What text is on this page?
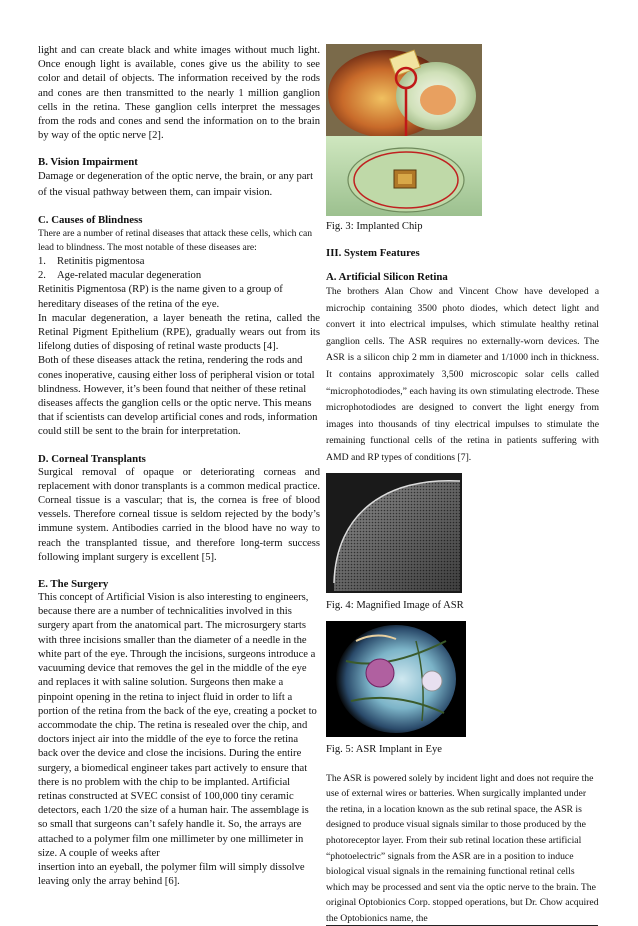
light and can create black and white images without much light. Once enough light is available, cones give us the ability to see color and detail of objects. The information received by the rods and cones are then transmitted to the nearly 1 million ganglion cells in the retina. These ganglion cells interpret the messages from the rods and cones and send the information on to the brain by way of the optic nerve [2].

B. Vision Impairment

Damage or degeneration of the optic nerve, the brain, or any part of the visual pathway between them, can impair vision.

C. Causes of Blindness

There are a number of retinal diseases that attack these cells, which can lead to blindness. The most notable of these diseases are:

1.	Retinitis pigmentosa
2.	Age-related macular degeneration

Retinitis Pigmentosa (RP) is the name given to a group of hereditary diseases of the retina of the eye.

In macular degeneration, a layer beneath the retina, called the Retinal Pigment Epithelium (RPE), gradually wears out from its lifelong duties of disposing of retinal waste products [4].

Both of these diseases attack the retina, rendering the rods and cones inoperative, causing either loss of peripheral vision or total blindness. However, it’s been found that neither of these retinal diseases affects the ganglion cells or the optic nerve. This means that if scientists can develop artificial cones and rods, information could still be sent to the brain for interpretation.

D. Corneal Transplants

Surgical removal of opaque or deteriorating corneas and replacement with donor transplants is a common medical practice. Corneal tissue is a vascular; that is, the cornea is free of blood vessels. Therefore corneal tissue is seldom rejected by the body’s immune system. Antibodies carried in the blood have no way to reach the transplanted tissue, and therefore long-term success following implant surgery is excellent [5].

E. The Surgery

This concept of Artificial Vision is also interesting to engineers, because there are a number of technicalities involved in this surgery apart from the anatomical part. The microsurgery starts with three incisions smaller than the diameter of a needle in the white part of the eye. Through the incisions, surgeons introduce a vacuuming device that removes the gel in the middle of the eye and replaces it with saline solution. Surgeons then make a pinpoint opening in the retina to inject fluid in order to lift a portion of the retina from the back of the eye, creating a pocket to accommodate the chip. The retina is resealed over the chip, and doctors inject air into the middle of the eye to force the retina back over the device and close the incisions. During the entire surgery, a biomedical engineer takes part actively to ensure that there is no problem with the chip to be implanted. Artificial retinas constructed at SVEC consist of 100,000 tiny ceramic detectors, each 1/20 the size of a human hair. The assemblage is so small that surgeons can’t safely handle it. So, the arrays are attached to a polymer film one millimeter by one millimeter in size. A couple of weeks after

insertion into an eyeball, the polymer film will simply dissolve leaving only the array behind [6].

Fig. 3: Implanted Chip

III. System Features
A. Artificial Silicon Retina

The brothers Alan Chow and Vincent Chow have developed a microchip containing 3500 photo diodes, which detect light and convert it into electrical impulses, which stimulate healthy retinal ganglion cells. The ASR requires no externally-worn devices. The ASR is a silicon chip 2 mm in diameter and 1/1000 inch in thickness. It contains approximately 3,500 microscopic solar cells called “microphotodiodes,” each having its own stimulating electrode. These microphotodiodes are designed to convert the light energy from images into thousands of tiny electrical impulses to stimulate the remaining functional cells of the retina in patients suffering with AMD and RP types of conditions [7].

Fig. 4: Magnified Image of ASR

Fig. 5: ASR Implant in Eye

The ASR is powered solely by incident light and does not require the use of external wires or batteries. When surgically implanted under the retina, in a location known as the sub retinal space, the ASR is designed to produce visual signals similar to those produced by the photoreceptor layer. From their sub retinal location these artificial “photoelectric” signals from the ASR are in a position to induce biological visual signals in the remaining functional retinal cells which may be processed and sent via the optic nerve to the brain. The original Optobionics Corp. stopped operations, but Dr. Chow acquired the Optobionics name, the
